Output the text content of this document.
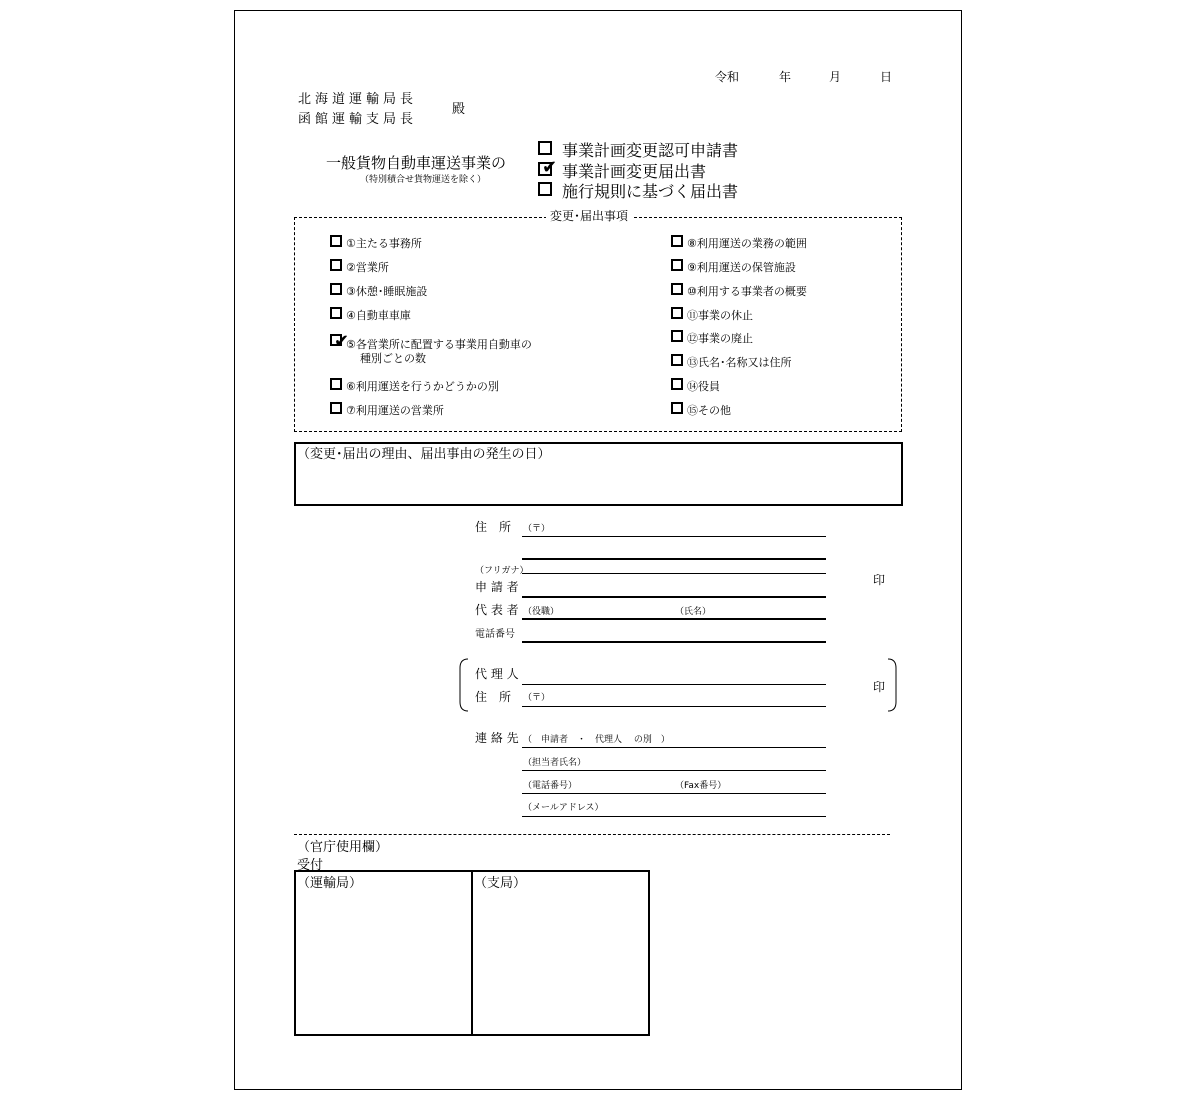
令和	年	月	日
北海道運輸局長
函館運輸支局長
殿
一般貨物自動車運送事業の
（特別積合せ貨物運送を除く）
事業計画変更認可申請書
✔ 事業計画変更届出書
施行規則に基づく届出書
変更･届出事項
①主たる事務所
②営業所
③休憩･睡眠施設
④自動車車庫
✔
⑤各営業所に配置する事業用自動車の
種別ごとの数
⑥利用運送を行うかどうかの別
⑦利用運送の営業所
⑧利用運送の業務の範囲
⑨利用運送の保管施設
⑩利用する事業者の概要
⑪事業の休止
⑫事業の廃止
⑬氏名･名称又は住所
⑭役員
⑮その他
（変更･届出の理由、届出事由の発生の日）
住　所 （〒）
（フリガナ）
申 請 者	印
代 表 者 （役職）	（氏名）
電話番号
代 理 人
印
住　所 （〒）
連 絡 先 （　申請者　・　代理人　 の別　）
（担当者氏名）
（電話番号）	（Fax番号）
（メールアドレス）
（官庁使用欄）
受付
（運輸局）	（支局）
